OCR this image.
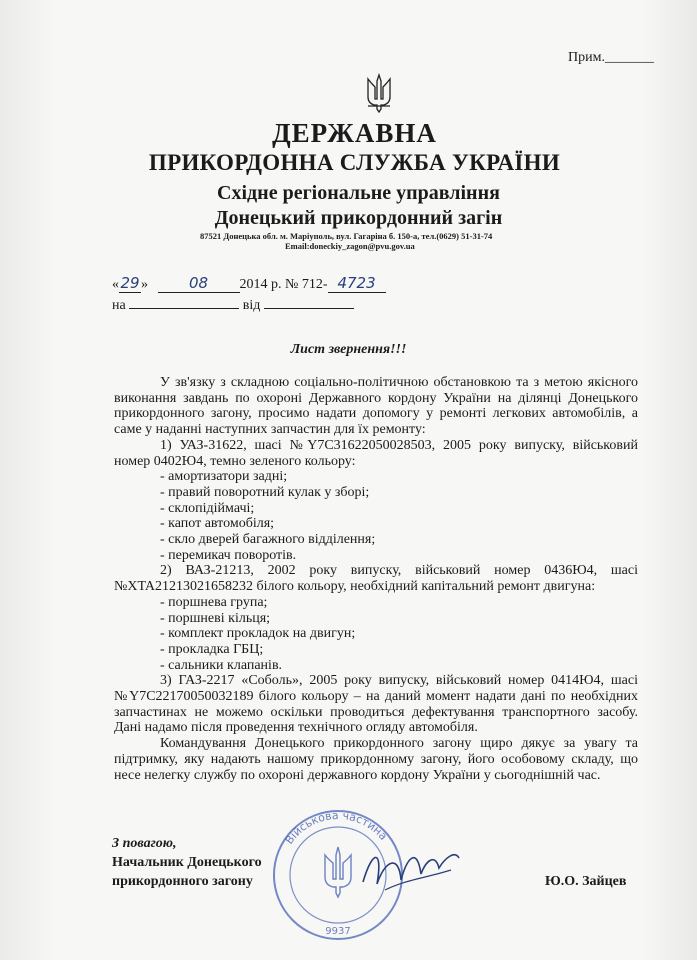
Прим._______
ДЕРЖАВНА
ПРИКОРДОННА СЛУЖБА УКРАЇНИ
Східне регіональне управління
Донецький прикордонний загін
87521 Донецька обл. м. Маріуполь, вул. Гагаріна б. 150-а, тел.(0629) 51-31-74
Email:doneckiy_zagon@pvu.gov.ua
«29»	08 2014 р. № 712- 4723
на	від
Лист звернення!!!

У зв'язку з складною соціально-політичною обстановкою та з метою якісного виконання завдань по охороні Державного кордону України на ділянці Донецького прикордонного загону, просимо надати допомогу у ремонті легкових автомобілів, а саме у наданні наступних запчастин для їх ремонту:

1) УАЗ-31622, шасі №Y7C31622050028503, 2005 року випуску, військовий номер 0402Ю4, темно зеленого кольору:

- амортизатори задні;

- правий поворотний кулак у зборі;

- склопідіймачі;

- капот автомобіля;

- скло дверей багажного відділення;

- перемикач поворотів.

2) ВАЗ-21213, 2002 року випуску, військовий номер 0436Ю4, шасі №XTA21213021658232 білого кольору, необхідний капітальний ремонт двигуна:

- поршнева група;

- поршневі кільця;

- комплект прокладок на двигун;

- прокладка ГБЦ;

- сальники клапанів.

3) ГАЗ-2217 «Соболь», 2005 року випуску, військовий номер 0414Ю4, шасі №Y7C22170050032189 білого кольору – на даний момент надати дані по необхідних запчастинах не можемо оскільки проводиться дефектування транспортного засобу. Дані надамо після проведення технічного огляду автомобіля.

Командування Донецького прикордонного загону щиро дякує за увагу та підтримку, яку надають нашому прикордонному загону, його особовому складу, що несе нелегку службу по охороні державного кордону України у сьогоднішній час.

З повагою,
Начальник Донецького
прикордонного загону	Ю.О. Зайцев
Військова частина
9937
